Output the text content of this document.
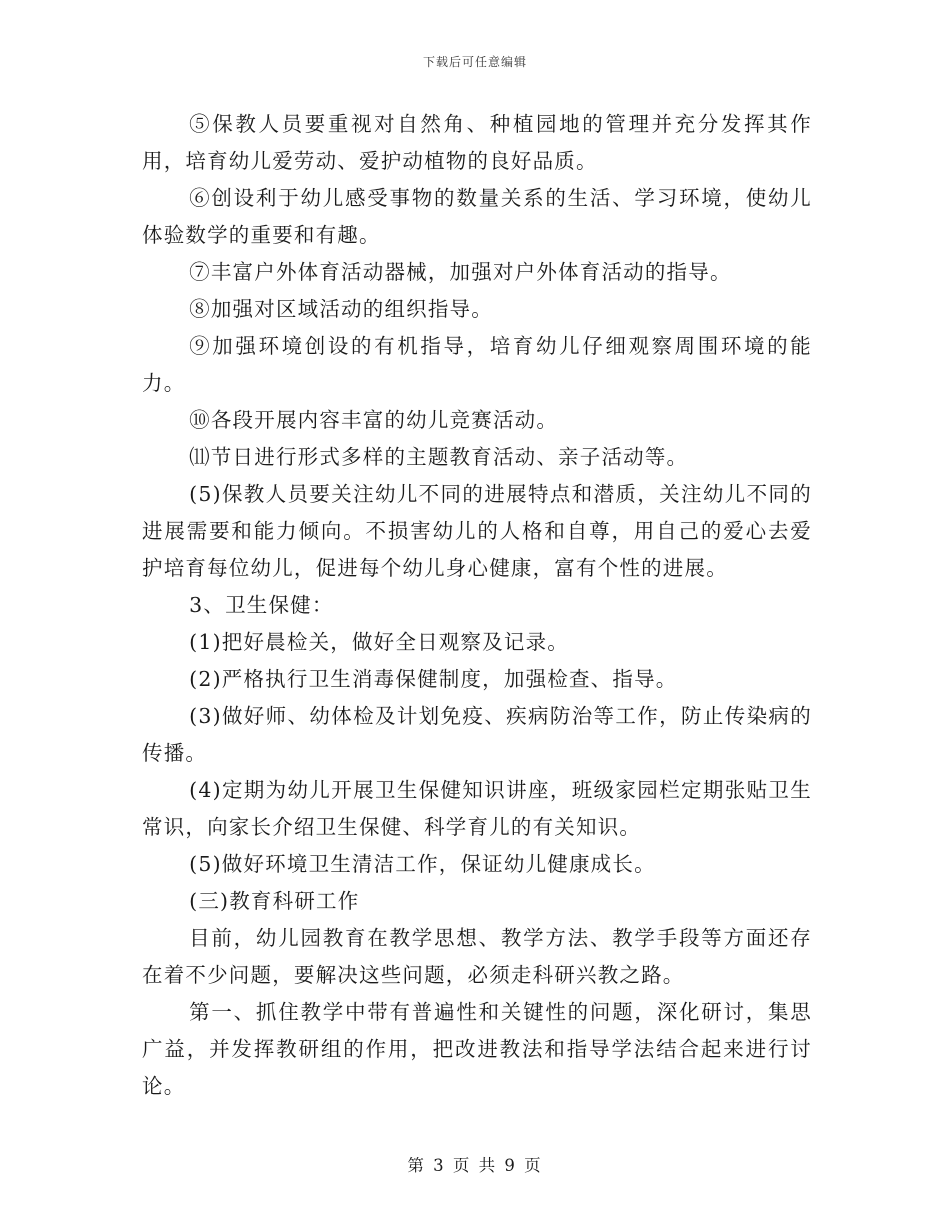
下载后可任意编辑

⑤保教人员要重视对自然角、种植园地的管理并充分发挥其作用，培育幼儿爱劳动、爱护动植物的良好品质。

⑥创设利于幼儿感受事物的数量关系的生活、学习环境，使幼儿体验数学的重要和有趣。

⑦丰富户外体育活动器械，加强对户外体育活动的指导。

⑧加强对区域活动的组织指导。

⑨加强环境创设的有机指导，培育幼儿仔细观察周围环境的能力。

⑩各段开展内容丰富的幼儿竞赛活动。

⑾节日进行形式多样的主题教育活动、亲子活动等。

(5)保教人员要关注幼儿不同的进展特点和潜质，关注幼儿不同的进展需要和能力倾向。不损害幼儿的人格和自尊，用自己的爱心去爱护培育每位幼儿，促进每个幼儿身心健康，富有个性的进展。

3、卫生保健：

(1)把好晨检关，做好全日观察及记录。

(2)严格执行卫生消毒保健制度，加强检查、指导。

(3)做好师、幼体检及计划免疫、疾病防治等工作，防止传染病的传播。

(4)定期为幼儿开展卫生保健知识讲座，班级家园栏定期张贴卫生常识，向家长介绍卫生保健、科学育儿的有关知识。

(5)做好环境卫生清洁工作，保证幼儿健康成长。

(三)教育科研工作

目前，幼儿园教育在教学思想、教学方法、教学手段等方面还存在着不少问题，要解决这些问题，必须走科研兴教之路。

第一、抓住教学中带有普遍性和关键性的问题，深化研讨，集思广益，并发挥教研组的作用，把改进教法和指导学法结合起来进行讨论。

第 3 页 共 9 页
